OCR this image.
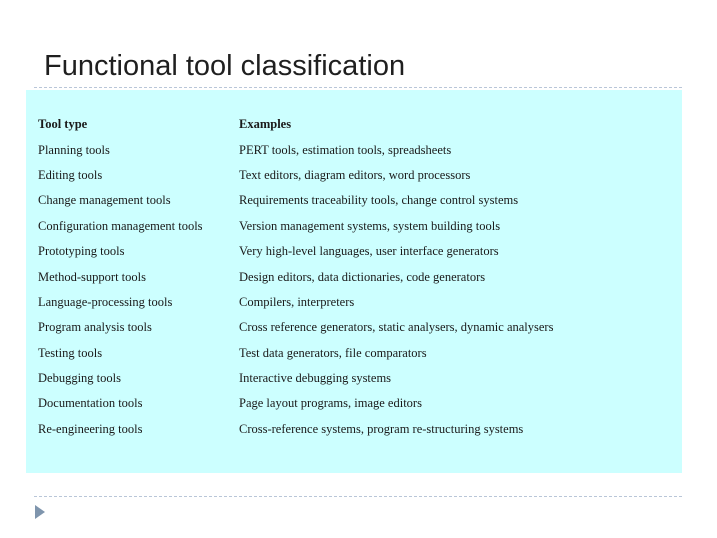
Functional tool classification
Tool type	Examples
Planning tools	PERT tools, estimation tools, spreadsheets
Editing tools	Text editors, diagram editors, word processors
Change management tools	Requirements traceability tools, change control systems
Configuration management tools	Version management systems, system building tools
Prototyping tools	Very high-level languages, user interface generators
Method-support tools	Design editors, data dictionaries, code generators
Language-processing tools	Compilers, interpreters
Program analysis tools	Cross reference generators, static analysers, dynamic analysers
Testing tools	Test data generators, file comparators
Debugging tools	Interactive debugging systems
Documentation tools	Page layout programs, image editors
Re-engineering tools	Cross-reference systems, program re-structuring systems
